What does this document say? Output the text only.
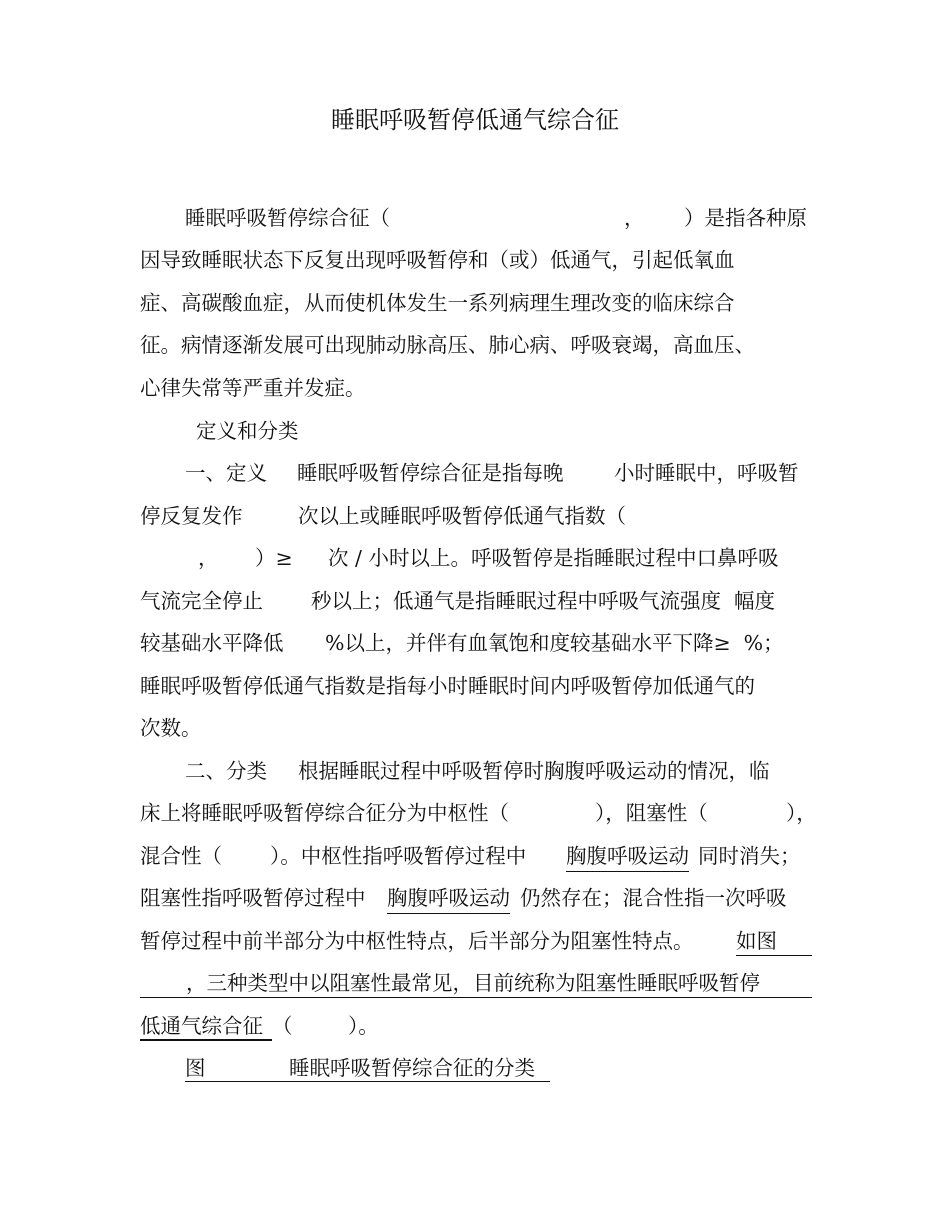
睡眠呼吸暂停低通气综合征
睡眠呼吸暂停综合征（	， ）是指各种原
因导致睡眠状态下反复出现呼吸暂停和（或）低通气，引起低氧血
症、高碳酸血症，从而使机体发生一系列病理生理改变的临床综合
征。病情逐渐发展可出现肺动脉高压、肺心病、呼吸衰竭，高血压、
心律失常等严重并发症。
定义和分类
一、定义 睡眠呼吸暂停综合征是指每晚 小时睡眠中，呼吸暂
停反复发作	次以上或睡眠呼吸暂停低通气指数（
， ）≥ 次 / 小时以上。呼吸暂停是指睡眠过程中口鼻呼吸
气流完全停止 秒以上；低通气是指睡眠过程中呼吸气流强度  幅度
较基础水平降低 %以上，并伴有血氧饱和度较基础水平下降≥  %；
睡眠呼吸暂停低通气指数是指每小时睡眠时间内呼吸暂停加低通气的
次数。
二、分类 根据睡眠过程中呼吸暂停时胸腹呼吸运动的情况，临
床上将睡眠呼吸暂停综合征分为中枢性（	），阻塞性（	），
混合性（ ）。中枢性指呼吸暂停过程中 胸腹呼吸运动 同时消失；
阻塞性指呼吸暂停过程中 胸腹呼吸运动 仍然存在；混合性指一次呼吸
暂停过程中前半部分为中枢性特点，后半部分为阻塞性特点。 如图
，三种类型中以阻塞性最常见，目前统称为阻塞性睡眠呼吸暂停
低通气综合征 （	）。
图	睡眠呼吸暂停综合征的分类
